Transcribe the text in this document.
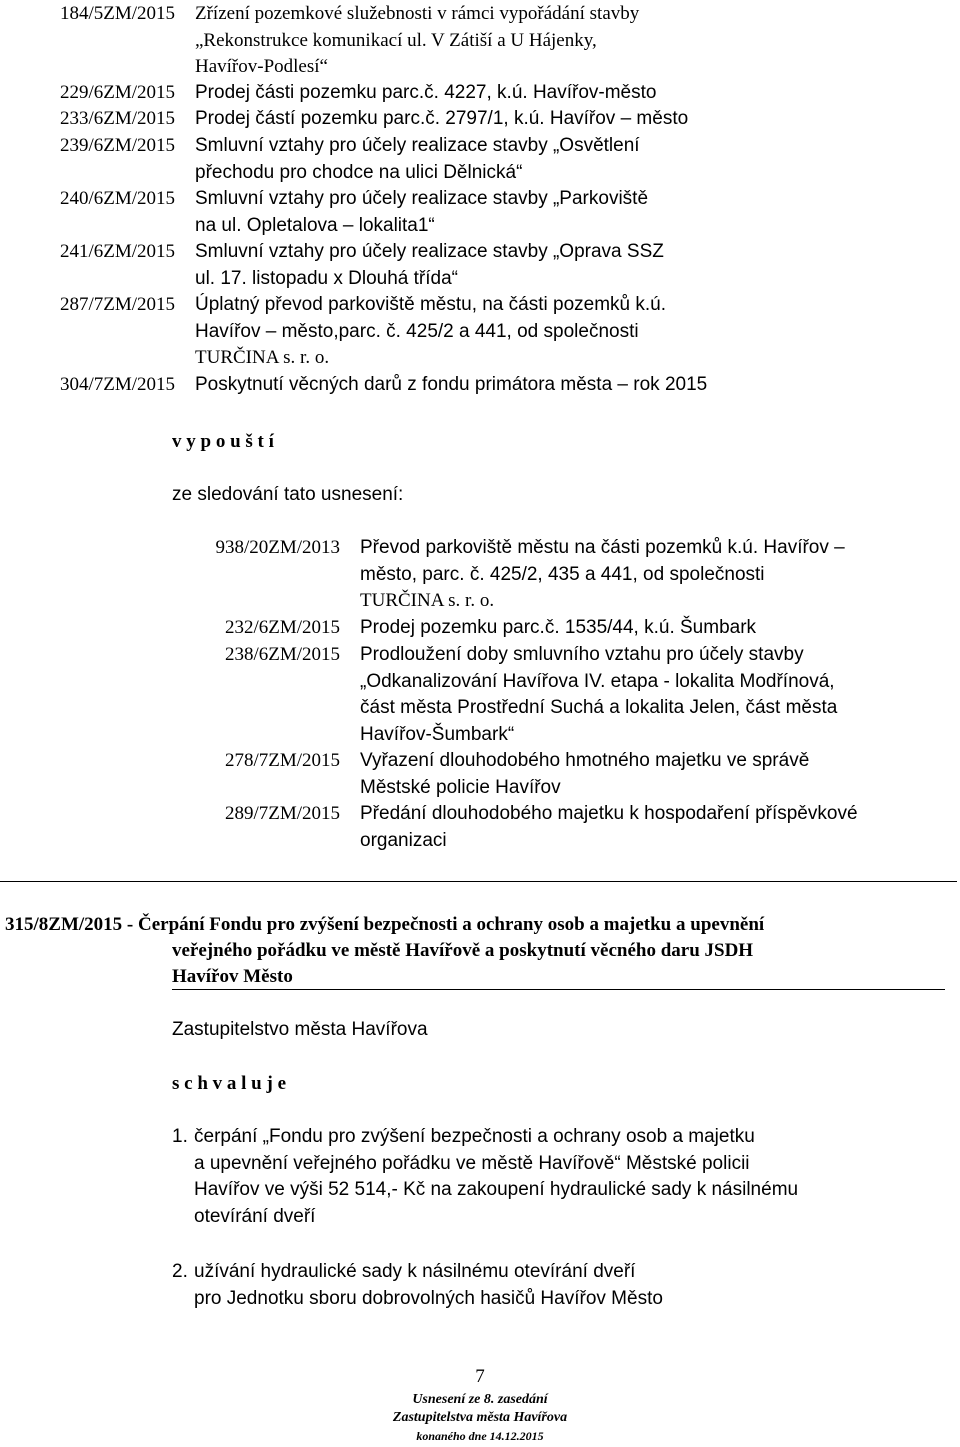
184/5ZM/2015	Zřízení pozemkové služebnosti v rámci vypořádání stavby
„Rekonstrukce komunikací ul. V Zátiší a U Hájenky,
Havířov-Podlesí“
229/6ZM/2015	Prodej části pozemku parc.č. 4227, k.ú. Havířov-město
233/6ZM/2015	Prodej částí pozemku parc.č. 2797/1, k.ú. Havířov – město
239/6ZM/2015	Smluvní vztahy pro účely realizace stavby „Osvětlení
přechodu pro chodce na ulici Dělnická“
240/6ZM/2015	Smluvní vztahy pro účely realizace stavby „Parkoviště
na ul. Opletalova – lokalita1“
241/6ZM/2015	Smluvní vztahy pro účely realizace stavby „Oprava SSZ
ul. 17. listopadu x Dlouhá třída“
287/7ZM/2015	Úplatný převod parkoviště městu, na části pozemků k.ú.
Havířov – město,parc. č. 425/2 a 441, od společnosti
TURČINA s. r. o.
304/7ZM/2015	Poskytnutí věcných darů z fondu primátora města – rok 2015
v y p o u š t í
ze sledování tato usnesení:
938/20ZM/2013	Převod parkoviště městu na části pozemků k.ú. Havířov –
město, parc. č. 425/2, 435 a 441, od společnosti
TURČINA s. r. o.
232/6ZM/2015	Prodej pozemku parc.č. 1535/44, k.ú. Šumbark
238/6ZM/2015	Prodloužení doby smluvního vztahu pro účely stavby
„Odkanalizování Havířova IV. etapa - lokalita Modřínová,
část města Prostřední Suchá a lokalita Jelen, část města
Havířov-Šumbark“
278/7ZM/2015	Vyřazení dlouhodobého hmotného majetku ve správě
Městské policie Havířov
289/7ZM/2015	Předání dlouhodobého majetku k hospodaření příspěvkové
organizaci
315/8ZM/2015 - Čerpání Fondu pro zvýšení bezpečnosti a ochrany osob a majetku a upevnění
veřejného pořádku ve městě Havířově a poskytnutí věcného daru JSDH
Havířov Město
Zastupitelstvo města Havířova
s c h v a l u j e
1. čerpání „Fondu pro zvýšení bezpečnosti a ochrany osob a majetku
a upevnění veřejného pořádku ve městě Havířově“ Městské policii
Havířov ve výši 52 514,- Kč na zakoupení hydraulické sady k násilnému
otevírání dveří
2. užívání hydraulické sady k násilnému otevírání dveří
pro Jednotku sboru dobrovolných hasičů Havířov Město
7
Usnesení ze 8. zasedání
Zastupitelstva města Havířova
konaného dne 14.12.2015
